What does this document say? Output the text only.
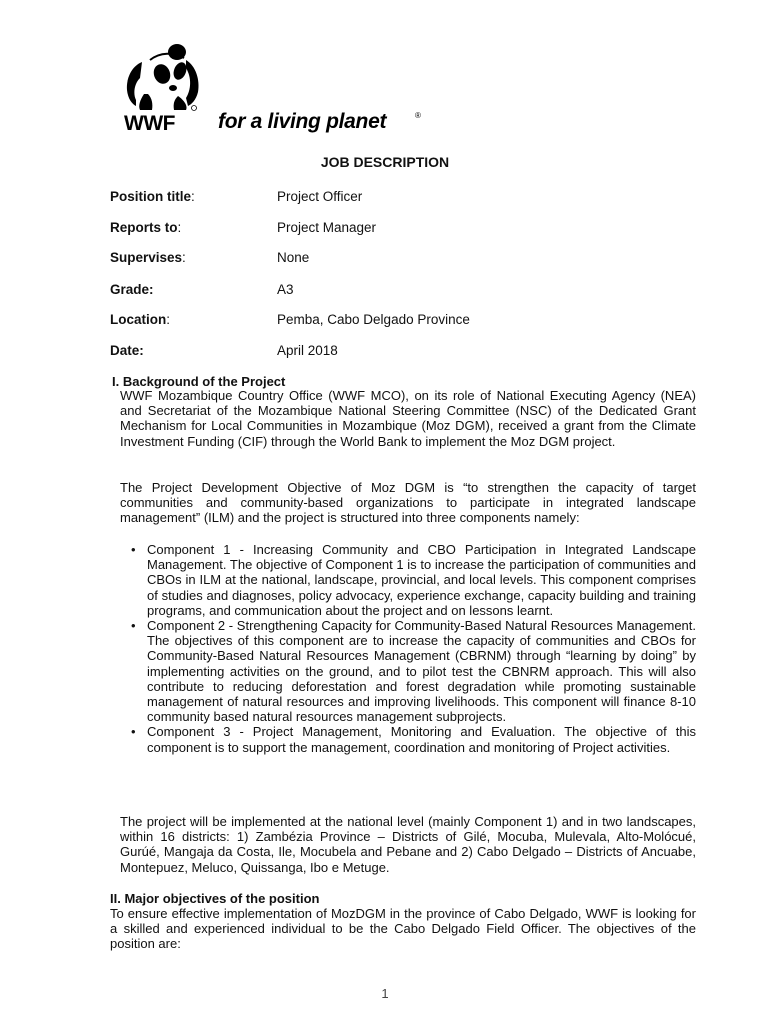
WWF for a living planet	®
JOB DESCRIPTION
Position title:	Project Officer
Reports to:	Project Manager
Supervises:	None
Grade:	A3
Location:	Pemba, Cabo Delgado Province
Date:	April 2018
I. Background of the Project

WWF Mozambique Country Office (WWF MCO), on its role of National Executing Agency (NEA) and Secretariat of the Mozambique National Steering Committee (NSC) of the Dedicated Grant Mechanism for Local Communities in Mozambique (Moz DGM), received a grant from the Climate Investment Funding (CIF) through the World Bank to implement the Moz DGM project.

The Project Development Objective of Moz DGM is “to strengthen the capacity of target communities and community-based organizations to participate in integrated landscape management” (ILM) and the project is structured into three components namely:

• Component 1 - Increasing Community and CBO Participation in Integrated Landscape Management. The objective of Component 1 is to increase the participation of communities and CBOs in ILM at the national, landscape, provincial, and local levels. This component comprises of studies and diagnoses, policy advocacy, experience exchange, capacity building and training programs, and communication about the project and on lessons learnt.
• Component 2 - Strengthening Capacity for Community-Based Natural Resources Management. The objectives of this component are to increase the capacity of communities and CBOs for Community-Based Natural Resources Management (CBRNM) through “learning by doing” by implementing activities on the ground, and to pilot test the CBNRM approach. This will also contribute to reducing deforestation and forest degradation while promoting sustainable management of natural resources and improving livelihoods. This component will finance 8-10 community based natural resources management subprojects.
• Component 3 - Project Management, Monitoring and Evaluation. The objective of this component is to support the management, coordination and monitoring of Project activities.

The project will be implemented at the national level (mainly Component 1) and in two landscapes, within 16 districts: 1) Zambézia Province – Districts of Gilé, Mocuba, Mulevala, Alto-Molócué, Gurúé, Mangaja da Costa, Ile, Mocubela and Pebane and 2) Cabo Delgado – Districts of Ancuabe, Montepuez, Meluco, Quissanga, Ibo e Metuge.

II. Major objectives of the position

To ensure effective implementation of MozDGM in the province of Cabo Delgado, WWF is looking for a skilled and experienced individual to be the Cabo Delgado Field Officer. The objectives of the position are:

1
